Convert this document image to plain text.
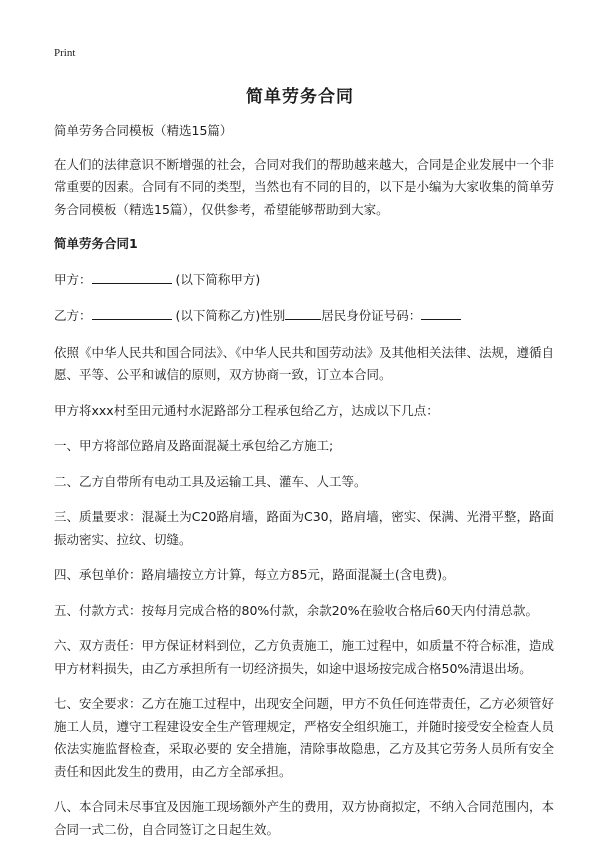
Print
简单劳务合同

简单劳务合同模板（精选15篇）

在人们的法律意识不断增强的社会，合同对我们的帮助越来越大，合同是企业发展中一个非常重要的因素。合同有不同的类型，当然也有不同的目的，以下是小编为大家收集的简单劳务合同模板（精选15篇），仅供参考，希望能够帮助到大家。

简单劳务合同1

甲方：	(以下简称甲方)

乙方：	(以下简称乙方)性别	居民身份证号码：

依照《中华人民共和国合同法》、《中华人民共和国劳动法》及其他相关法律、法规，遵循自愿、平等、公平和诚信的原则，双方协商一致，订立本合同。

甲方将xxx村至田元通村水泥路部分工程承包给乙方，达成以下几点：

一、甲方将部位路肩及路面混凝土承包给乙方施工;

二、乙方自带所有电动工具及运输工具、灌车、人工等。

三、质量要求：混凝土为C20路肩墙，路面为C30，路肩墙，密实、保满、光滑平整，路面振动密实、拉纹、切缝。

四、承包单价：路肩墙按立方计算，每立方85元，路面混凝土(含电费)。

五、付款方式：按每月完成合格的80%付款，余款20%在验收合格后60天内付清总款。

六、双方责任：甲方保证材料到位，乙方负责施工，施工过程中，如质量不符合标准，造成甲方材料损失，由乙方承担所有一切经济损失，如途中退场按完成合格50%清退出场。

七、安全要求：乙方在施工过程中，出现安全问题，甲方不负任何连带责任，乙方必须管好施工人员，遵守工程建设安全生产管理规定，严格安全组织施工，并随时接受安全检查人员依法实施监督检查，采取必要的 安全措施，清除事故隐患，乙方及其它劳务人员所有安全责任和因此发生的费用，由乙方全部承担。

八、本合同未尽事宜及因施工现场额外产生的费用，双方协商拟定，不纳入合同范围内，本合同一式二份，自合同签订之日起生效。
